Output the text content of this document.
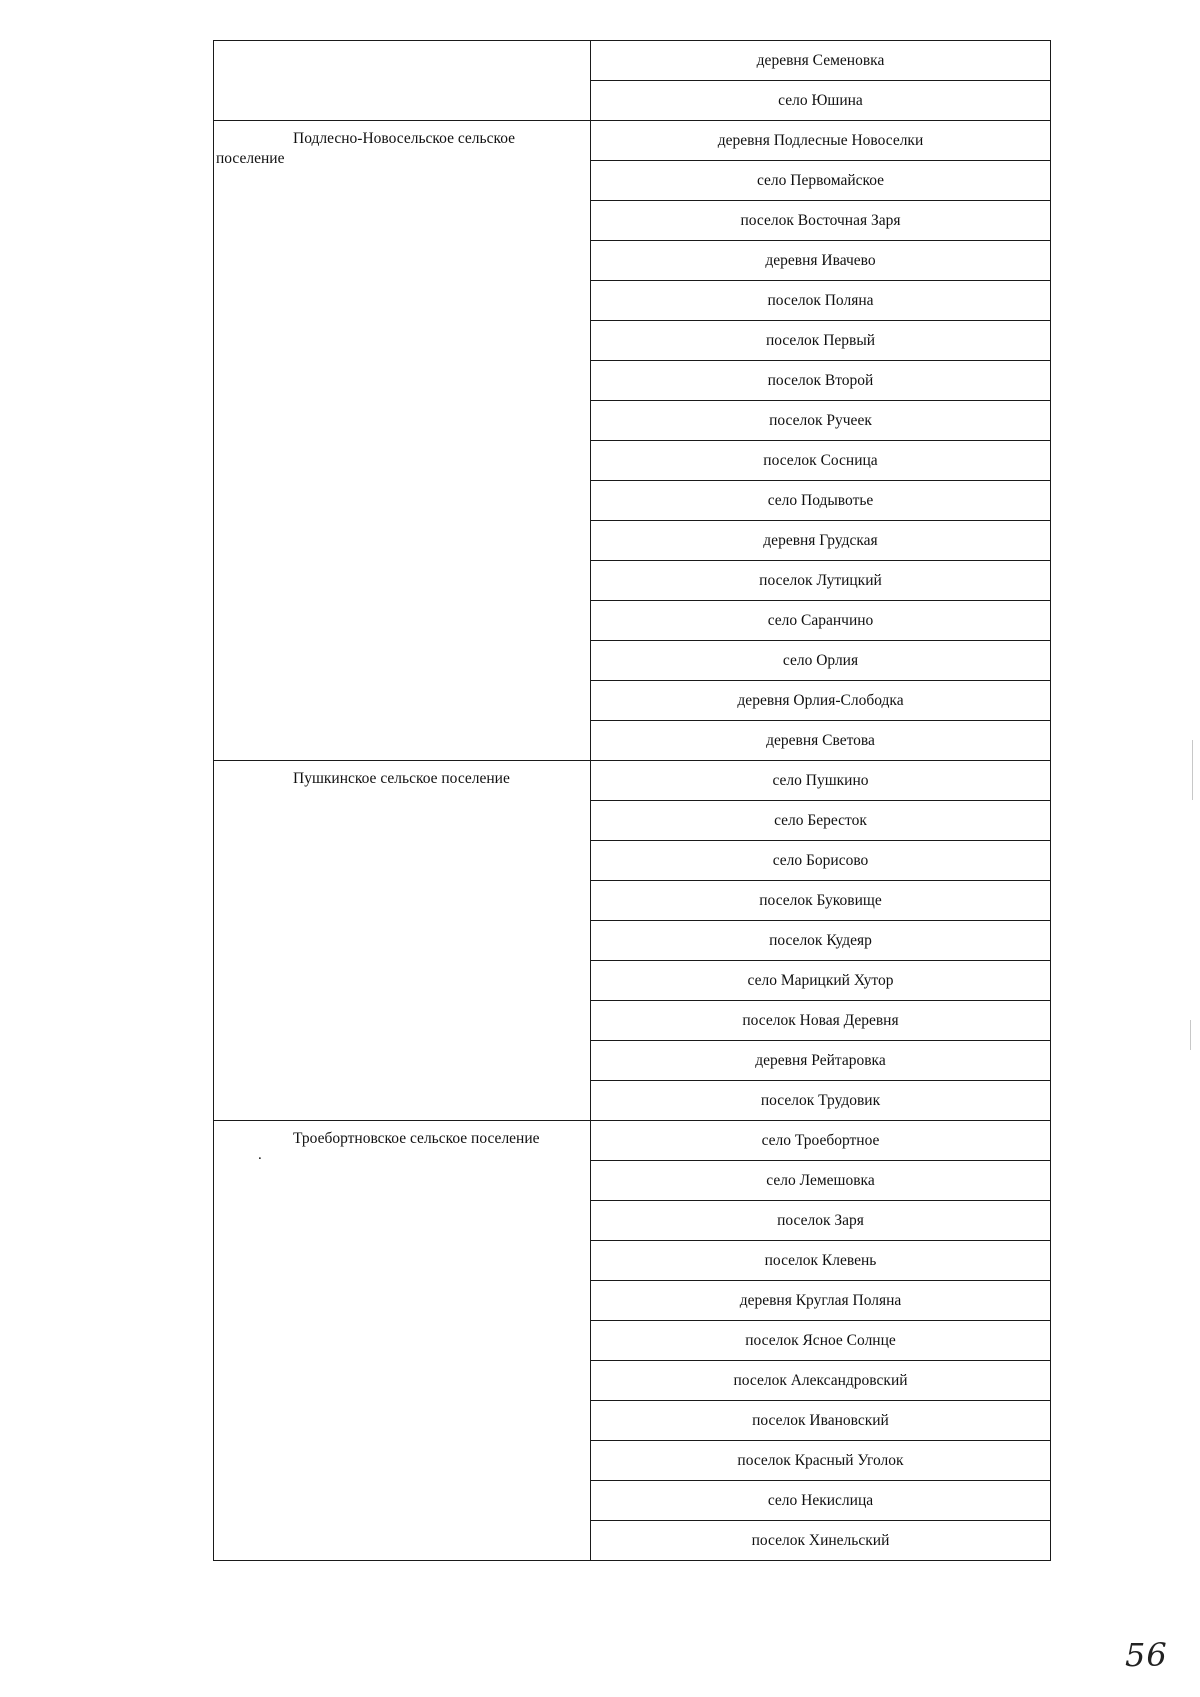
	деревня Семеновка
	село Юшина

Подлесно-Новосельское сельское поселение	деревня Подлесные Новоселки
	село Первомайское
	поселок Восточная Заря
	деревня Ивачево
	поселок Поляна
	поселок Первый
	поселок Второй
	поселок Ручеек
	поселок Сосница
	село Подывотье
	деревня Грудская
	поселок Лутицкий
	село Саранчино
	село Орлия
	деревня Орлия-Слободка
	деревня Светова

Пушкинское сельское поселение	село Пушкино
	село Бересток
	село Борисово
	поселок Буковище
	поселок Кудеяр
	село Марицкий Хутор
	поселок Новая Деревня
	деревня Рейтаровка
	поселок Трудовик

Троебортновское сельское поселение	село Троебортное
	село Лемешовка
	поселок Заря
	поселок Клевень
	деревня Круглая Поляна
	поселок Ясное Солнце
	поселок Александровский
	поселок Ивановский
	поселок Красный Уголок
	село Некислица
	поселок Хинельский
.
56
